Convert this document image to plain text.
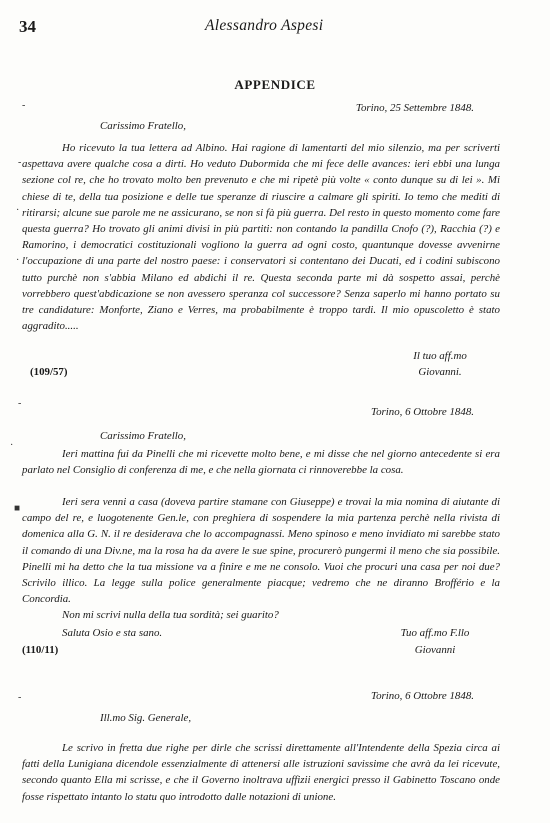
34	Alessandro Aspesi
APPENDICE
Torino, 25 Settembre 1848.
Carissimo Fratello,
Ho ricevuto la tua lettera ad Albino. Hai ragione di lamentarti del mio silenzio, ma per scriverti aspettava avere qualche cosa a dirti. Ho veduto Dubormida che mi fece delle avances: ieri ebbi una lunga sezione col re, che ho trovato molto ben prevenuto e che mi ripetè più volte « conto dunque su di lei ». Mi chiese di te, della tua posizione e delle tue speranze di riuscire a calmare gli spiriti. Io temo che mediti di ritirarsi; alcune sue parole me ne assicurano, se non si fà più guerra. Del resto in questo momento come fare questa guerra? Ho trovato gli animi divisi in più partiti: non contando la pandilla Cnofo (?), Racchia (?) e Ramorino, i democratici costituzionali vogliono la guerra ad ogni costo, quantunque dovesse avvenirne l'occupazione di una parte del nostro paese: i conservatori si contentano dei Ducati, ed i codini subiscono tutto purchè non s'abbia Milano ed abdichi il re. Questa seconda parte mi dà sospetto assai, perchè vorrebbero quest'abdicazione se non avessero speranza col successore? Senza saperlo mi hanno portato su tre candidature: Monforte, Ziano e Verres, ma probabilmente è troppo tardi. Il mio opuscoletto è stato aggradito.....
Il tuo aff.mo
Giovanni.
(109/57)
Torino, 6 Ottobre 1848.
Carissimo Fratello,
Ieri mattina fui da Pinelli che mi ricevette molto bene, e mi disse che nel giorno antecedente si era parlato nel Consiglio di conferenza di me, e che nella giornata ci rinnoverebbe la cosa.
Ieri sera venni a casa (doveva partire stamane con Giuseppe) e trovai la mia nomina di aiutante di campo del re, e luogotenente Gen.le, con preghiera di sospendere la mia partenza perchè nella rivista di domenica alla G. N. il re desiderava che lo accompagnassi. Meno spinoso e meno invidiato mi sarebbe stato il comando di una Div.ne, ma la rosa ha da avere le sue spine, procurerò pungermi il meno che sia possibile. Pinelli mi ha detto che la tua missione va a finire e me ne consolo. Vuoi che procuri una casa per noi due? Scrivilo illico. La legge sulla police generalmente piacque; vedremo che ne diranno Broffério e la Concordia.
Non mi scrivi nulla della tua sordità; sei guarito?
Saluta Osio e sta sano.	Tuo aff.mo F.llo
Giovanni
(110/11)
Torino, 6 Ottobre 1848.
Ill.mo Sig. Generale,
Le scrivo in fretta due righe per dirle che scrissi direttamente all'Intendente della Spezia circa ai fatti della Lunigiana dicendole essenzialmente di attenersi alle istruzioni savissime che avrà da lei ricevute, secondo quanto Ella mi scrisse, e che il Governo inoltrava uffizii energici presso il Gabinetto Toscano onde fosse rispettato intanto lo statu quo introdotto dalle notazioni di unione.
-
-
·
·
-
·
■
-
